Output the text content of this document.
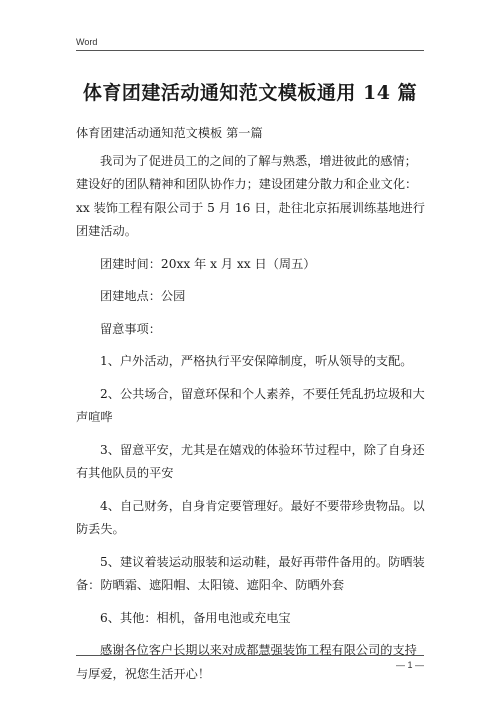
Word
体育团建活动通知范文模板通用 14 篇

体育团建活动通知范文模板 第一篇

我司为了促进员工的之间的了解与熟悉，增进彼此的感情；建设好的团队精神和团队协作力；建设团建分散力和企业文化：xx 装饰工程有限公司于 5 月 16 日，赴往北京拓展训练基地进行团建活动。

团建时间：20xx 年 x 月 xx 日（周五）

团建地点：公园

留意事项：

1、户外活动，严格执行平安保障制度，听从领导的支配。

2、公共场合，留意环保和个人素养，不要任凭乱扔垃圾和大声喧哗

3、留意平安，尤其是在嬉戏的体验环节过程中，除了自身还有其他队员的平安

4、自己财务，自身肯定要管理好。最好不要带珍贵物品。以防丢失。

5、建议着装运动服装和运动鞋，最好再带件备用的。防晒装备：防晒霜、遮阳帽、太阳镜、遮阳伞、防晒外套

6、其他：相机，备用电池或充电宝

感谢各位客户长期以来对成都慧强装饰工程有限公司的支持与厚爱，祝您生活开心！

— 1 —
